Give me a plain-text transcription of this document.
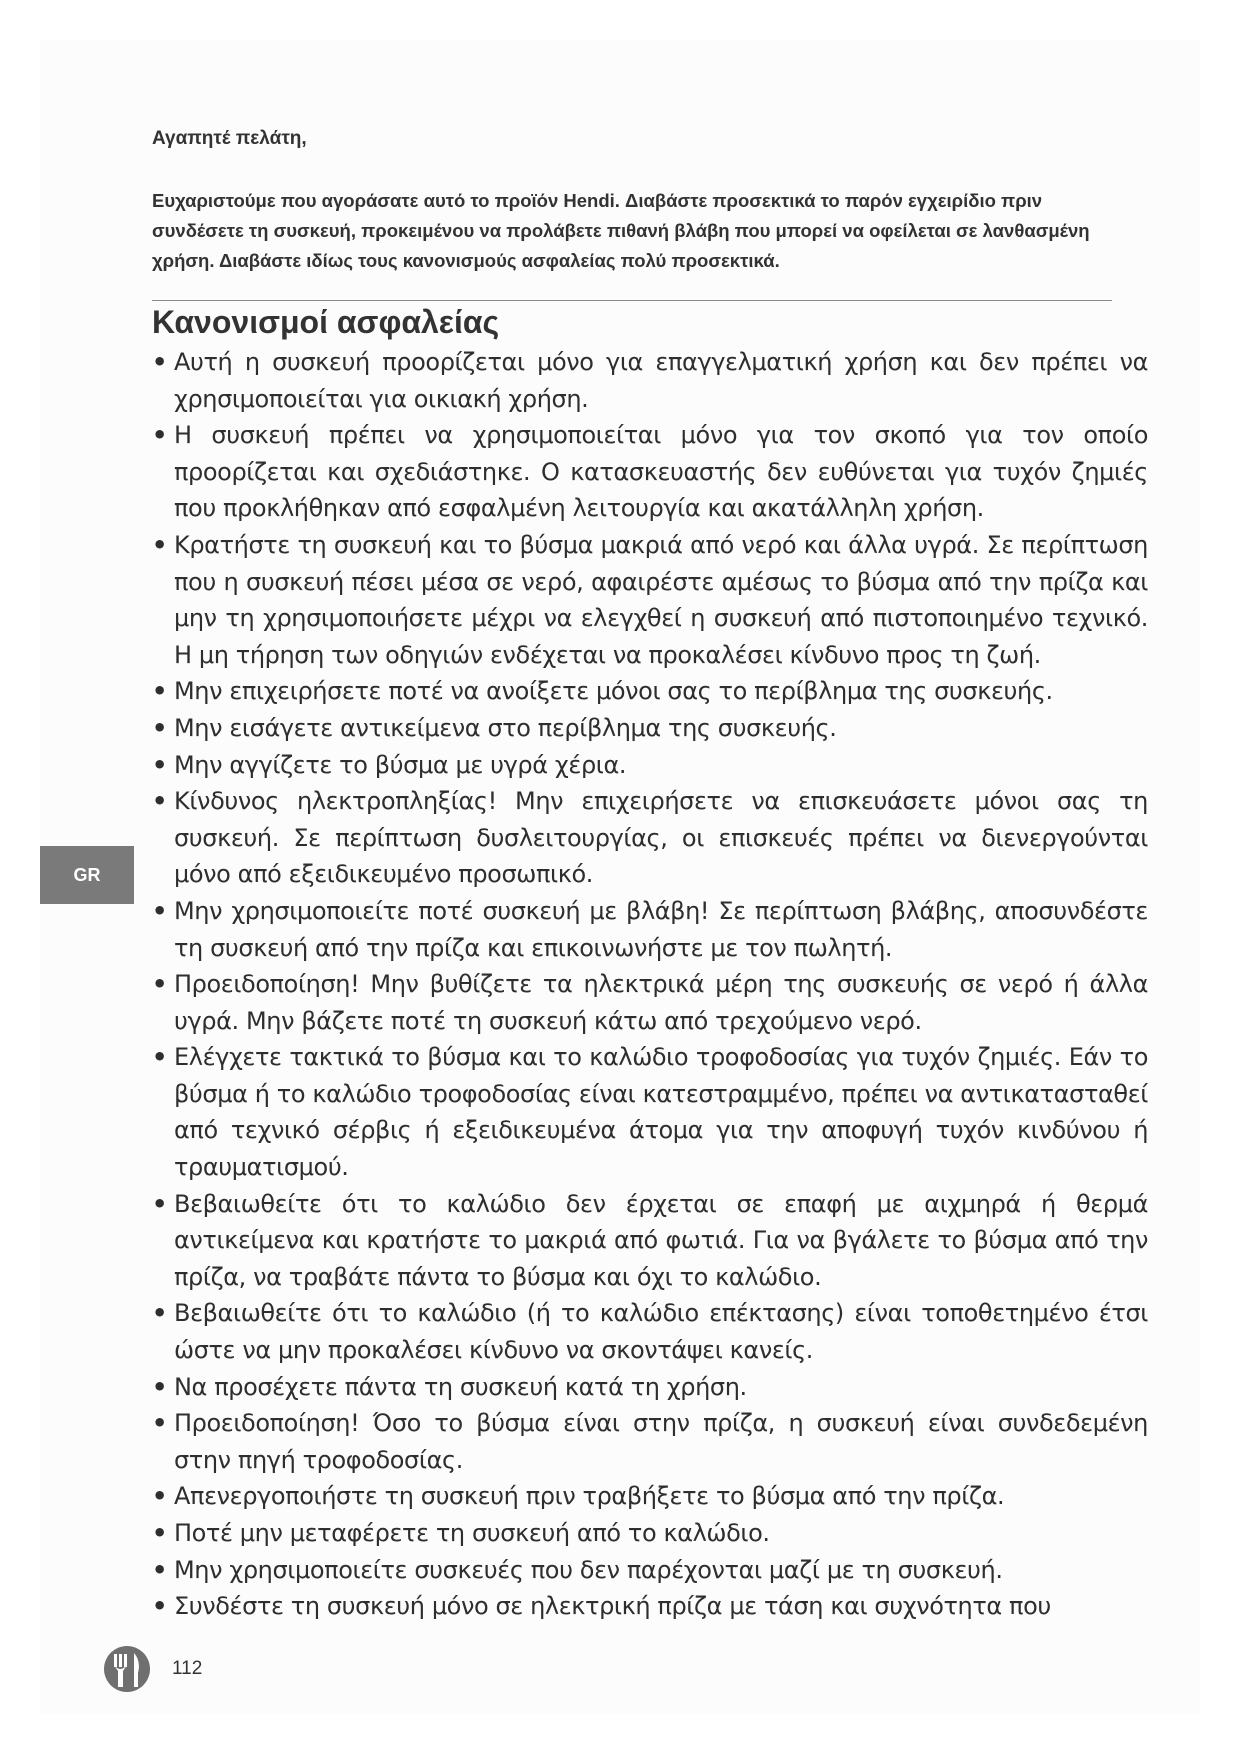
Αγαπητέ πελάτη,
Ευχαριστούμε που αγοράσατε αυτό το προϊόν Hendi. Διαβάστε προσεκτικά το παρόν εγχειρίδιο πριν συνδέσετε τη συσκευή, προκειμένου να προλάβετε πιθανή βλάβη που μπορεί να οφείλεται σε λανθασμένη χρήση. Διαβάστε ιδίως τους κανονισμούς ασφαλείας πολύ προσεκτικά.
Κανονισμοί ασφαλείας
• Αυτή η συσκευή προορίζεται μόνο για επαγγελματική χρήση και δεν πρέπει να χρησιμοποιείται για οικιακή χρήση.
• Η συσκευή πρέπει να χρησιμοποιείται μόνο για τον σκοπό για τον οποίο προορίζεται και σχεδιάστηκε. Ο κατασκευαστής δεν ευθύνεται για τυχόν ζημιές που προκλήθηκαν από εσφαλμένη λειτουργία και ακατάλληλη χρήση.
• Κρατήστε τη συσκευή και το βύσμα μακριά από νερό και άλλα υγρά. Σε περίπτωση που η συσκευή πέσει μέσα σε νερό, αφαιρέστε αμέσως το βύσμα από την πρίζα και μην τη χρησιμοποιήσετε μέχρι να ελεγχθεί η συσκευή από πιστοποιημένο τεχνικό. Η μη τήρηση των οδηγιών ενδέχεται να προκαλέσει κίνδυνο προς τη ζωή.
• Μην επιχειρήσετε ποτέ να ανοίξετε μόνοι σας το περίβλημα της συσκευής.
• Μην εισάγετε αντικείμενα στο περίβλημα της συσκευής.
• Μην αγγίζετε το βύσμα με υγρά χέρια.
• Κίνδυνος ηλεκτροπληξίας! Μην επιχειρήσετε να επισκευάσετε μόνοι σας τη συσκευή. Σε περίπτωση δυσλειτουργίας, οι επισκευές πρέπει να διενεργούνται μόνο από εξειδικευμένο προσωπικό.
• Μην χρησιμοποιείτε ποτέ συσκευή με βλάβη! Σε περίπτωση βλάβης, αποσυνδέστε τη συσκευή από την πρίζα και επικοινωνήστε με τον πωλητή.
• Προειδοποίηση! Μην βυθίζετε τα ηλεκτρικά μέρη της συσκευής σε νερό ή άλλα υγρά. Μην βάζετε ποτέ τη συσκευή κάτω από τρεχούμενο νερό.
• Ελέγχετε τακτικά το βύσμα και το καλώδιο τροφοδοσίας για τυχόν ζημιές. Εάν το βύσμα ή το καλώδιο τροφοδοσίας είναι κατεστραμμένο, πρέπει να αντικατασταθεί από τεχνικό σέρβις ή εξειδικευμένα άτομα για την αποφυγή τυχόν κινδύνου ή τραυματισμού.
• Βεβαιωθείτε ότι το καλώδιο δεν έρχεται σε επαφή με αιχμηρά ή θερμά αντικείμενα και κρατήστε το μακριά από φωτιά. Για να βγάλετε το βύσμα από την πρίζα, να τραβάτε πάντα το βύσμα και όχι το καλώδιο.
• Βεβαιωθείτε ότι το καλώδιο (ή το καλώδιο επέκτασης) είναι τοποθετημένο έτσι ώστε να μην προκαλέσει κίνδυνο να σκοντάψει κανείς.
• Να προσέχετε πάντα τη συσκευή κατά τη χρήση.
• Προειδοποίηση! Όσο το βύσμα είναι στην πρίζα, η συσκευή είναι συνδεδεμένη στην πηγή τροφοδοσίας.
• Απενεργοποιήστε τη συσκευή πριν τραβήξετε το βύσμα από την πρίζα.
• Ποτέ μην μεταφέρετε τη συσκευή από το καλώδιο.
• Μην χρησιμοποιείτε συσκευές που δεν παρέχονται μαζί με τη συσκευή.
• Συνδέστε τη συσκευή μόνο σε ηλεκτρική πρίζα με τάση και συχνότητα που
GR
112
